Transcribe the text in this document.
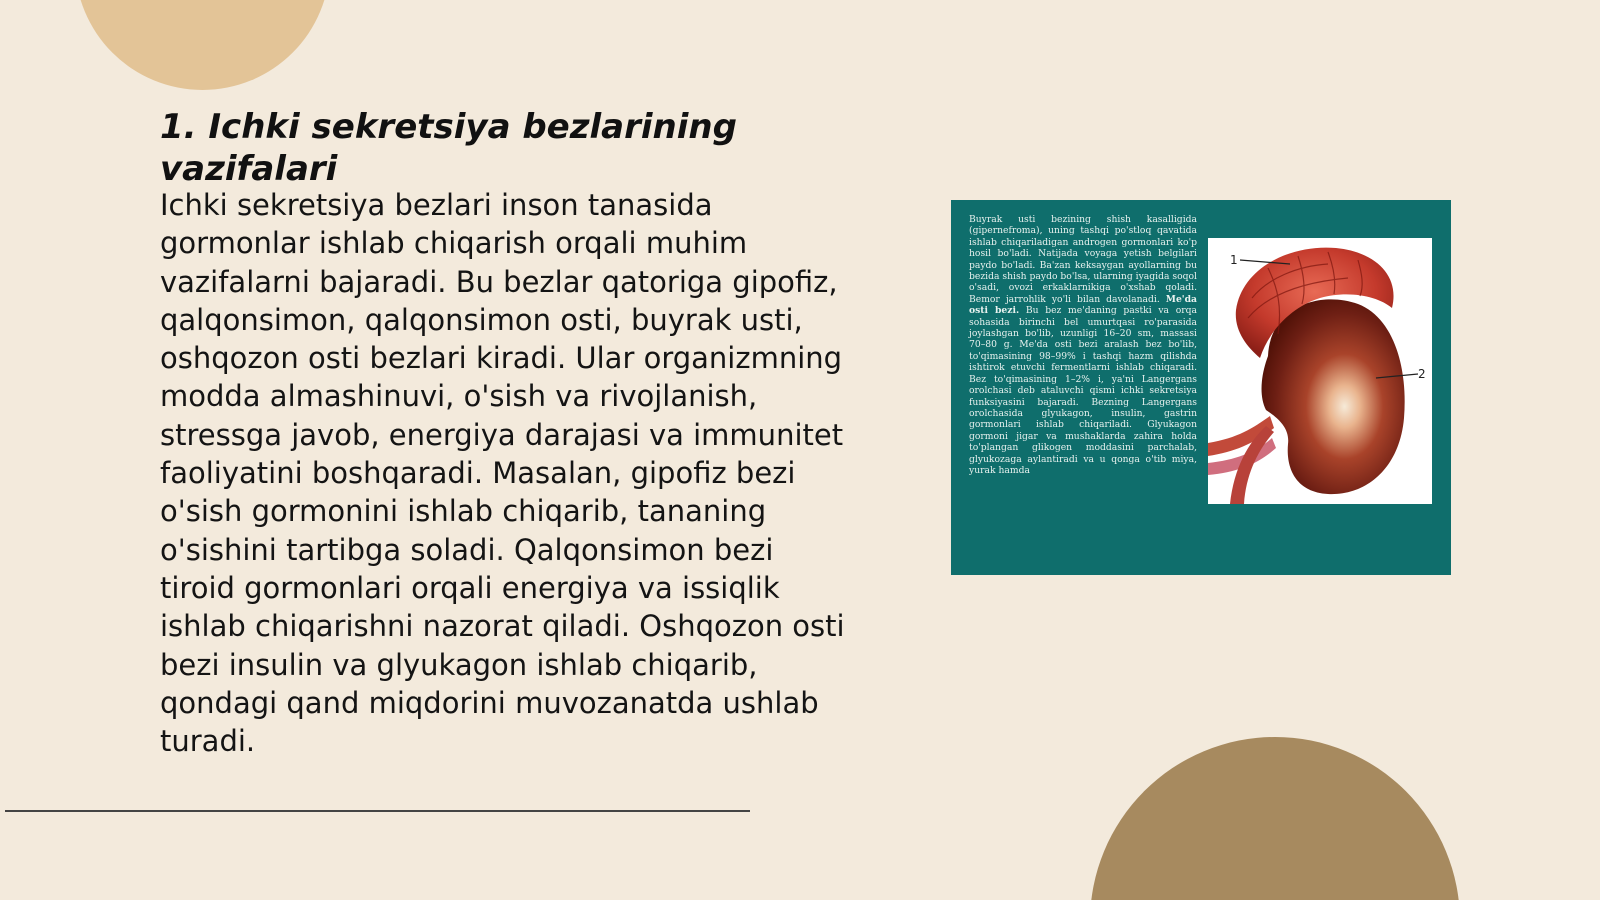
1. Ichki sekretsiya bezlarining vazifalari

Ichki sekretsiya bezlari inson tanasida gormonlar ishlab chiqarish orqali muhim vazifalarni bajaradi. Bu bezlar qatoriga gipofiz, qalqonsimon, qalqonsimon osti, buyrak usti, oshqozon osti bezlari kiradi. Ular organizmning modda almashinuvi, o'sish va rivojlanish, stressga javob, energiya darajasi va immunitet faoliyatini boshqaradi. Masalan, gipofiz bezi o'sish gormonini ishlab chiqarib, tananing o'sishini tartibga soladi. Qalqonsimon bezi tiroid gormonlari orqali energiya va issiqlik ishlab chiqarishni nazorat qiladi. Oshqozon osti bezi insulin va glyukagon ishlab chiqarib, qondagi qand miqdorini muvozanatda ushlab turadi.

Buyrak usti bezining shish kasalligida (gipernefroma), uning tashqi po'stloq qavatida ishlab chiqariladigan androgen gormonlari ko'p hosil bo'ladi. Natijada voyaga yetish belgilari paydo bo'ladi. Ba'zan keksaygan ayollarning bu bezida shish paydo bo'lsa, ularning iyagida soqol o'sadi, ovozi erkaklarnikiga o'xshab qoladi. Bemor jarrohlik yo'li bilan davolanadi. Me'da osti bezi. Bu bez me'daning pastki va orqa sohasida birinchi bel umurtqasi ro'parasida joylashgan bo'lib, uzunligi 16–20 sm, massasi 70–80 g. Me'da osti bezi aralash bez bo'lib, to'qimasining 98–99% i tashqi hazm qilishda ishtirok etuvchi fermentlarni ishlab chiqaradi. Bez to'qimasining 1–2% i, ya'ni Langergans orolchasi deb ataluvchi qismi ichki sekretsiya funksiyasini bajaradi. Bezning Langergans orolchasida glyukagon, insulin, gastrin gormonlari ishlab chiqariladi. Glyukagon gormoni jigar va mushaklarda zahira holda to'plangan glikogen moddasini parchalab, glyukozaga aylantiradi va u qonga o'tib miya, yurak hamda
1
2
